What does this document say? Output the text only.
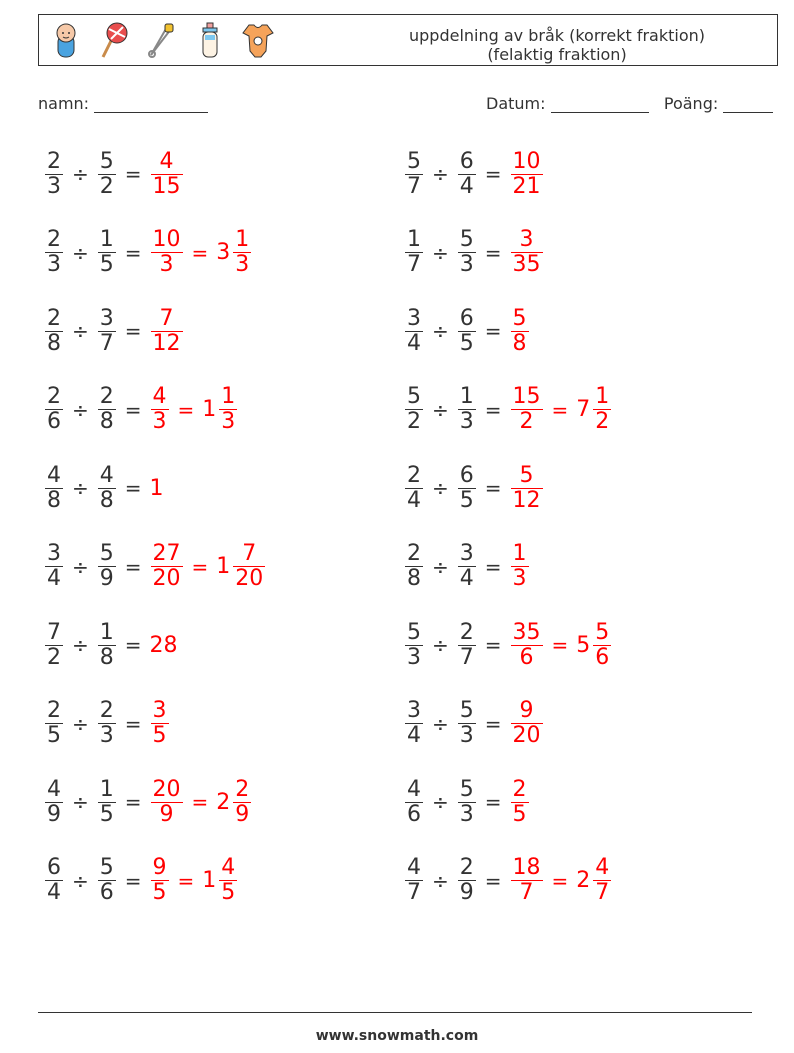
uppdelning av bråk (korrekt fraktion)
(felaktig fraktion)
namn:	Datum:	Poäng:
$\frac{2}{3} \div \frac{5}{2} = \frac{4}{15}$
$\frac{2}{3} \div \frac{1}{5} = \frac{10}{3} = 3 \frac{1}{3}$
$\frac{2}{8} \div \frac{3}{7} = \frac{7}{12}$
$\frac{2}{6} \div \frac{2}{8} = \frac{4}{3} = 1 \frac{1}{3}$
$\frac{4}{8} \div \frac{4}{8} = 1$
$\frac{3}{4} \div \frac{5}{9} = \frac{27}{20} = 1 \frac{7}{20}$
$\frac{7}{2} \div \frac{1}{8} = 28$
$\frac{2}{5} \div \frac{2}{3} = \frac{3}{5}$
$\frac{4}{9} \div \frac{1}{5} = \frac{20}{9} = 2 \frac{2}{9}$
$\frac{6}{4} \div \frac{5}{6} = \frac{9}{5} = 1 \frac{4}{5}$
$\frac{5}{7} \div \frac{6}{4} = \frac{10}{21}$
$\frac{1}{7} \div \frac{5}{3} = \frac{3}{35}$
$\frac{3}{4} \div \frac{6}{5} = \frac{5}{8}$
$\frac{5}{2} \div \frac{1}{3} = \frac{15}{2} = 7 \frac{1}{2}$
$\frac{2}{4} \div \frac{6}{5} = \frac{5}{12}$
$\frac{2}{8} \div \frac{3}{4} = \frac{1}{3}$
$\frac{5}{3} \div \frac{2}{7} = \frac{35}{6} = 5 \frac{5}{6}$
$\frac{3}{4} \div \frac{5}{3} = \frac{9}{20}$
$\frac{4}{6} \div \frac{5}{3} = \frac{2}{5}$
$\frac{4}{7} \div \frac{2}{9} = \frac{18}{7} = 2 \frac{4}{7}$
www.snowmath.com
